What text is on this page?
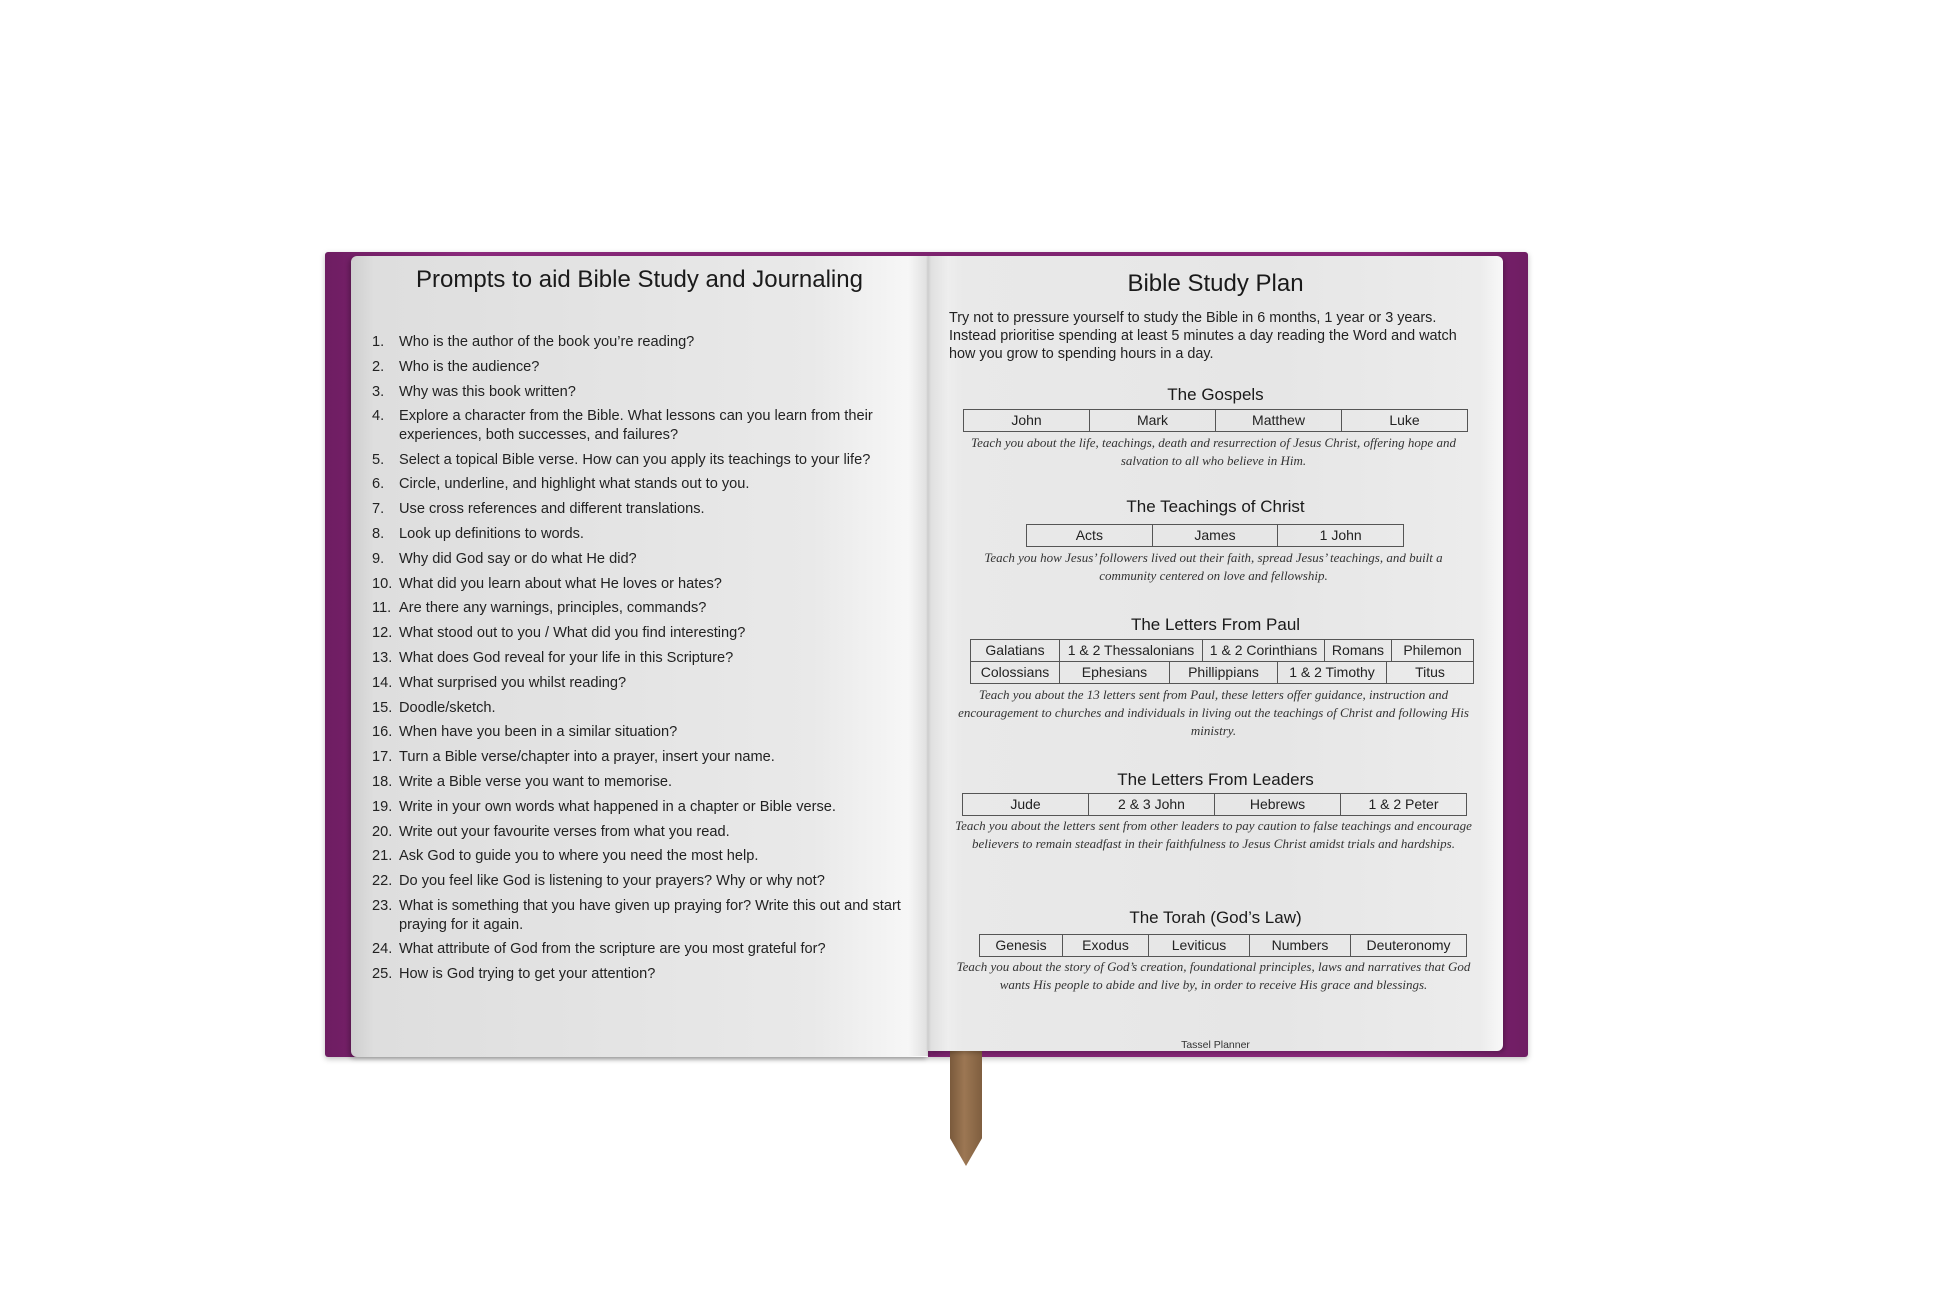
Prompts to aid Bible Study and Journaling
1.	Who is the author of the book you’re reading?
2.	Who is the audience?
3.	Why was this book written?
4.	Explore a character from the Bible. What lessons can you learn from their experiences, both successes, and failures?
5.	Select a topical Bible verse. How can you apply its teachings to your life?
6.	Circle, underline, and highlight what stands out to you.
7.	Use cross references and different translations.
8.	Look up definitions to words.
9.	Why did God say or do what He did?
10. What did you learn about what He loves or hates?
11. Are there any warnings, principles, commands?
12. What stood out to you / What did you find interesting?
13. What does God reveal for your life in this Scripture?
14. What surprised you whilst reading?
15. Doodle/sketch.
16. When have you been in a similar situation?
17. Turn a Bible verse/chapter into a prayer, insert your name.
18. Write a Bible verse you want to memorise.
19. Write in your own words what happened in a chapter or Bible verse.
20. Write out your favourite verses from what you read.
21. Ask God to guide you to where you need the most help.
22. Do you feel like God is listening to your prayers? Why or why not?
23. What is something that you have given up praying for? Write this out and start praying for it again.
24. What attribute of God from the scripture are you most grateful for?
25. How is God trying to get your attention?
Bible Study Plan
Try not to pressure yourself to study the Bible in 6 months, 1 year or 3 years. Instead prioritise spending at least 5 minutes a day reading the Word and watch how you grow to spending hours in a day.
The Gospels
John	Mark	Matthew	Luke
Teach you about the life, teachings, death and resurrection of Jesus Christ, offering hope and salvation to all who believe in Him.
The Teachings of Christ
Acts	James	1 John
Teach you how Jesus’ followers lived out their faith, spread Jesus’ teachings, and built a community centered on love and fellowship.
The Letters From Paul
Galatians	1 & 2 Thessalonians	1 & 2 Corinthians	Romans	Philemon
Colossians	Ephesians	Phillippians	1 & 2 Timothy	Titus
Teach you about the 13 letters sent from Paul, these letters offer guidance, instruction and encouragement to churches and individuals in living out the teachings of Christ and following His ministry.
The Letters From Leaders
Jude	2 & 3 John	Hebrews	1 & 2 Peter
Teach you about the letters sent from other leaders to pay caution to false teachings and encourage believers to remain steadfast in their faithfulness to Jesus Christ amidst trials and hardships.
The Torah (God’s Law)
Genesis	Exodus	Leviticus	Numbers	Deuteronomy
Teach you about the story of God’s creation, foundational principles, laws and narratives that God wants His people to abide and live by, in order to receive His grace and blessings.
Tassel Planner
